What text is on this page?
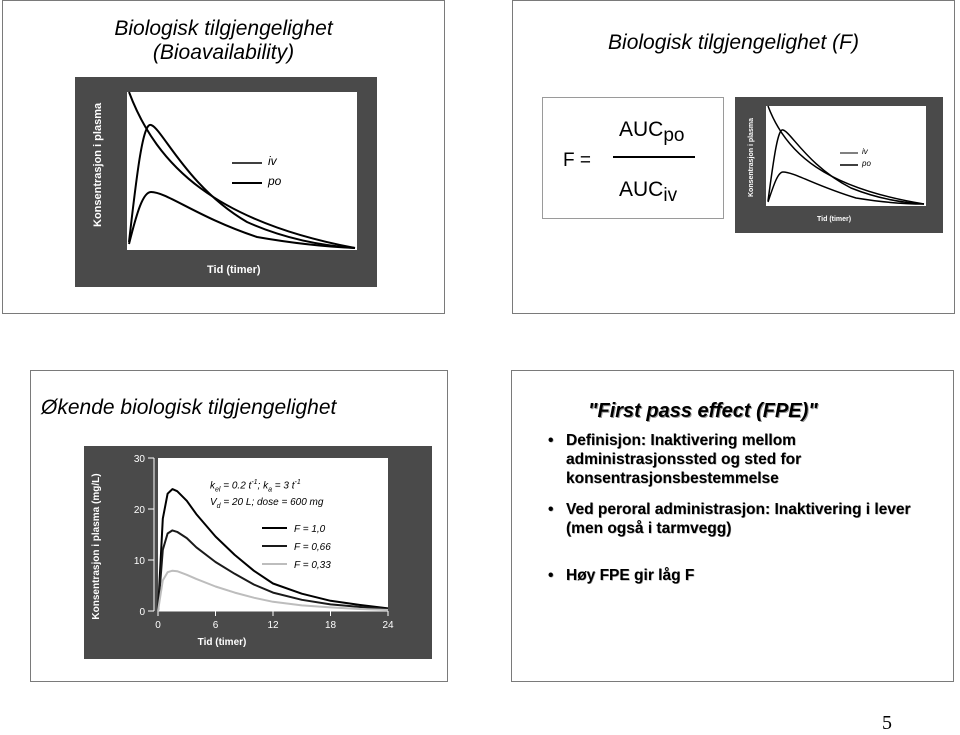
Biologisk tilgjengelighet
(Bioavailability)
iv
po
Konsentrasjon i plasma
Tid (timer)
Biologisk tilgjengelighet (F)
F =
AUCpo
AUCiv
iv
po
Konsentrasjon i plasma
Tid (timer)
Økende biologisk tilgjengelighet
0
10
20
30
0	6	12	18	24
Tid (timer)
Konsentrasjon i plasma (mg/L)	F = 1,0
F = 0,66
F = 0,33
$k_{el} = 0.2$ $t^{-1}$; $k_a = 3$ $t^{-1}$
$V_d = 20$ L; dose = 600 mg
"First pass effect (FPE)"
• Definisjon: Inaktivering mellom administrasjonssted og sted for konsentrasjonsbestemmelse
• Ved peroral administrasjon: Inaktivering i lever (men også i tarmvegg)
• Høy FPE gir låg F
5
